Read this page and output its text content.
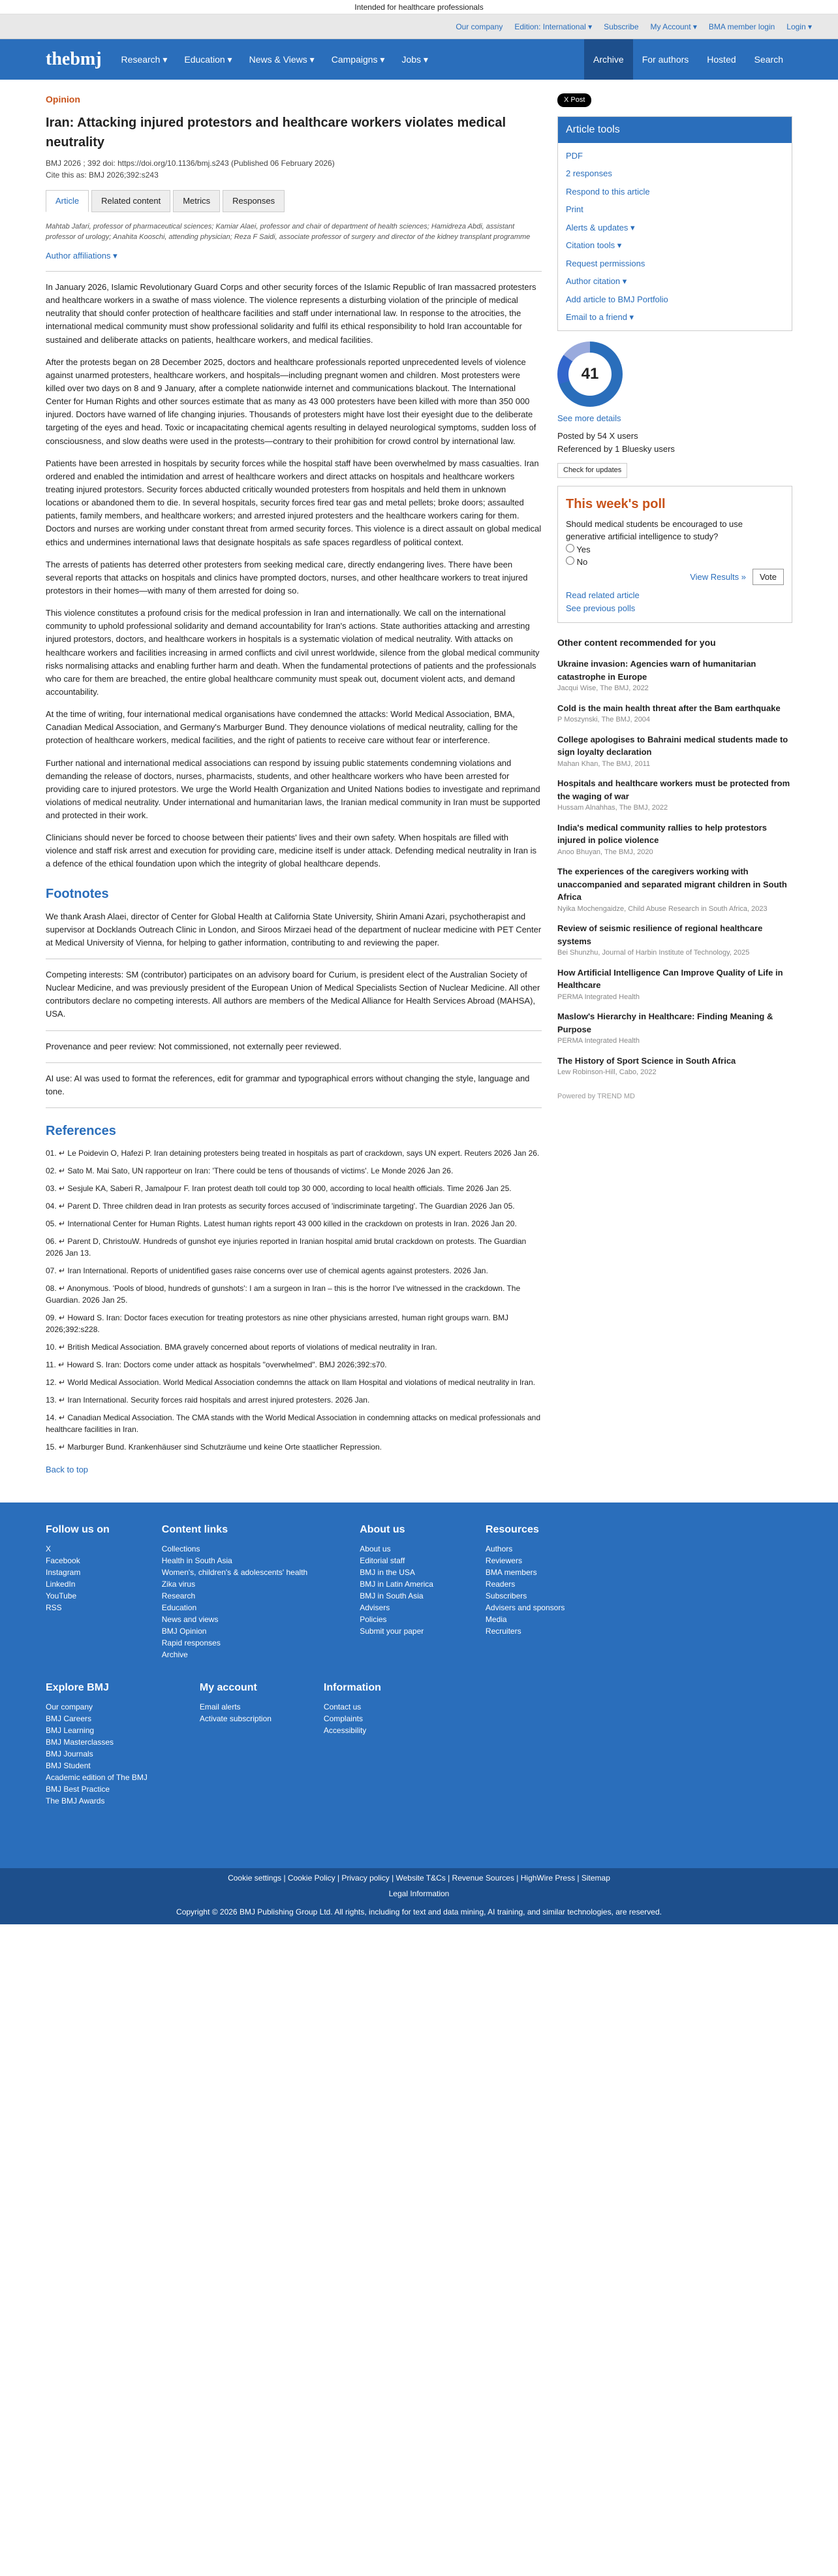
Intended for healthcare professionals
Our company Edition: International ▾ Subscribe My Account ▾ BMA member login Login ▾
thebmj Research ▾ Education ▾ News & Views ▾ Campaigns ▾ Jobs ▾	Archive	For authors	Hosted	Search
Opinion
Iran: Attacking injured protestors and healthcare workers violates medical neutrality
BMJ 2026 ; 392 doi: https://doi.org/10.1136/bmj.s243 (Published 06 February 2026)
Cite this as: BMJ 2026;392:s243
Article	Related content	Metrics	Responses
Mahtab Jafari, professor of pharmaceutical sciences; Kamiar Alaei, professor and chair of department of health sciences; Hamidreza Abdi, assistant professor of urology; Anahita Kooschi, attending physician; Reza F Saidi, associate professor of surgery and director of the kidney transplant programme
Author affiliations ▾

In January 2026, Islamic Revolutionary Guard Corps and other security forces of the Islamic Republic of Iran massacred protesters and healthcare workers in a swathe of mass violence. The violence represents a disturbing violation of the principle of medical neutrality that should confer protection of healthcare facilities and staff under international law. In response to the atrocities, the international medical community must show professional solidarity and fulfil its ethical responsibility to hold Iran accountable for sustained and deliberate attacks on patients, healthcare workers, and medical facilities.

After the protests began on 28 December 2025, doctors and healthcare professionals reported unprecedented levels of violence against unarmed protesters, healthcare workers, and hospitals—including pregnant women and children. Most protesters were killed over two days on 8 and 9 January, after a complete nationwide internet and communications blackout. The International Center for Human Rights and other sources estimate that as many as 43 000 protesters have been killed with more than 350 000 injured. Doctors have warned of life changing injuries. Thousands of protesters might have lost their eyesight due to the deliberate targeting of the eyes and head. Toxic or incapacitating chemical agents resulting in delayed neurological symptoms, sudden loss of consciousness, and slow deaths were used in the protests—contrary to their prohibition for crowd control by international law.

Patients have been arrested in hospitals by security forces while the hospital staff have been overwhelmed by mass casualties. Iran ordered and enabled the intimidation and arrest of healthcare workers and direct attacks on hospitals and healthcare workers treating injured protestors. Security forces abducted critically wounded protesters from hospitals and held them in unknown locations or abandoned them to die. In several hospitals, security forces fired tear gas and metal pellets; broke doors; assaulted patients, family members, and healthcare workers; and arrested injured protesters and the healthcare workers caring for them. Doctors and nurses are working under constant threat from armed security forces. This violence is a direct assault on global medical ethics and undermines international laws that designate hospitals as safe spaces regardless of political context.

The arrests of patients has deterred other protesters from seeking medical care, directly endangering lives. There have been several reports that attacks on hospitals and clinics have prompted doctors, nurses, and other healthcare workers to treat injured protestors in their homes—with many of them arrested for doing so.

This violence constitutes a profound crisis for the medical profession in Iran and internationally. We call on the international community to uphold professional solidarity and demand accountability for Iran's actions. State authorities attacking and arresting injured protestors, doctors, and healthcare workers in hospitals is a systematic violation of medical neutrality. With attacks on healthcare workers and facilities increasing in armed conflicts and civil unrest worldwide, silence from the global medical community risks normalising attacks and enabling further harm and death. When the fundamental protections of patients and the professionals who care for them are breached, the entire global healthcare community must speak out, document violent acts, and demand accountability.

At the time of writing, four international medical organisations have condemned the attacks: World Medical Association, BMA, Canadian Medical Association, and Germany's Marburger Bund. They denounce violations of medical neutrality, calling for the protection of healthcare workers, medical facilities, and the right of patients to receive care without fear or interference.

Further national and international medical associations can respond by issuing public statements condemning violations and demanding the release of doctors, nurses, pharmacists, students, and other healthcare workers who have been arrested for providing care to injured protestors. We urge the World Health Organization and United Nations bodies to investigate and reprimand violations of medical neutrality. Under international and humanitarian laws, the Iranian medical community in Iran must be supported and protected in their work.

Clinicians should never be forced to choose between their patients' lives and their own safety. When hospitals are filled with violence and staff risk arrest and execution for providing care, medicine itself is under attack. Defending medical neutrality in Iran is a defence of the ethical foundation upon which the integrity of global healthcare depends.

Footnotes

We thank Arash Alaei, director of Center for Global Health at California State University, Shirin Amani Azari, psychotherapist and supervisor at Docklands Outreach Clinic in London, and Siroos Mirzaei head of the department of nuclear medicine with PET Center at Medical University of Vienna, for helping to gather information, contributing to and reviewing the paper.

Competing interests: SM (contributor) participates on an advisory board for Curium, is president elect of the Australian Society of Nuclear Medicine, and was previously president of the European Union of Medical Specialists Section of Nuclear Medicine. All other contributors declare no competing interests. All authors are members of the Medical Alliance for Health Services Abroad (MAHSA), USA.

Provenance and peer review: Not commissioned, not externally peer reviewed.

AI use: AI was used to format the references, edit for grammar and typographical errors without changing the style, language and tone.

References
01. ↵ Le Poidevin O, Hafezi P. Iran detaining protesters being treated in hospitals as part of crackdown, says UN expert. Reuters 2026 Jan 26.
02. ↵ Sato M. Mai Sato, UN rapporteur on Iran: 'There could be tens of thousands of victims'. Le Monde 2026 Jan 26.
03. ↵ Sesjule KA, Saberi R, Jamalpour F. Iran protest death toll could top 30 000, according to local health officials. Time 2026 Jan 25.
04. ↵ Parent D. Three children dead in Iran protests as security forces accused of 'indiscriminate targeting'. The Guardian 2026 Jan 05.
05. ↵ International Center for Human Rights. Latest human rights report 43 000 killed in the crackdown on protests in Iran. 2026 Jan 20.
06. ↵ Parent D, ChristouW. Hundreds of gunshot eye injuries reported in Iranian hospital amid brutal crackdown on protests. The Guardian 2026 Jan 13.
07. ↵ Iran International. Reports of unidentified gases raise concerns over use of chemical agents against protesters. 2026 Jan.
08. ↵ Anonymous. 'Pools of blood, hundreds of gunshots': I am a surgeon in Iran – this is the horror I've witnessed in the crackdown. The Guardian. 2026 Jan 25.
09. ↵ Howard S. Iran: Doctor faces execution for treating protestors as nine other physicians arrested, human right groups warn. BMJ 2026;392:s228.
10. ↵ British Medical Association. BMA gravely concerned about reports of violations of medical neutrality in Iran.
11. ↵ Howard S. Iran: Doctors come under attack as hospitals "overwhelmed". BMJ 2026;392:s70.
12. ↵ World Medical Association. World Medical Association condemns the attack on Ilam Hospital and violations of medical neutrality in Iran.
13. ↵ Iran International. Security forces raid hospitals and arrest injured protesters. 2026 Jan.
14. ↵ Canadian Medical Association. The CMA stands with the World Medical Association in condemning attacks on medical professionals and healthcare facilities in Iran.
15. ↵ Marburger Bund. Krankenhäuser sind Schutzräume und keine Orte staatlicher Repression.
Back to top
X Post
Article tools
PDF
2 responses
Respond to this article
Print
Alerts & updates ▾
Citation tools ▾
Request permissions
Author citation ▾
Add article to BMJ Portfolio
Email to a friend ▾
41
See more details
Posted by 54 X users
Referenced by 1 Bluesky users
Check for updates
This week's poll
Should medical students be encouraged to use generative artificial intelligence to study?
Yes
No
View Results »	Vote
Read related article
See previous polls
Other content recommended for you
Ukraine invasion: Agencies warn of humanitarian catastrophe in Europe
Jacqui Wise, The BMJ, 2022
Cold is the main health threat after the Bam earthquake
P Moszynski, The BMJ, 2004
College apologises to Bahraini medical students made to sign loyalty declaration
Mahan Khan, The BMJ, 2011
Hospitals and healthcare workers must be protected from the waging of war
Hussam Alnahhas, The BMJ, 2022
India's medical community rallies to help protestors injured in police violence
Anoo Bhuyan, The BMJ, 2020
The experiences of the caregivers working with unaccompanied and separated migrant children in South Africa
Nyika Mochengaidze, Child Abuse Research in South Africa, 2023
Review of seismic resilience of regional healthcare systems
Bei Shunzhu, Journal of Harbin Institute of Technology, 2025
How Artificial Intelligence Can Improve Quality of Life in Healthcare
PERMA Integrated Health
Maslow's Hierarchy in Healthcare: Finding Meaning & Purpose
PERMA Integrated Health
The History of Sport Science in South Africa
Lew Robinson-Hill, Cabo, 2022
Powered by TREND MD
Follow us on
X
Facebook
Instagram
LinkedIn
YouTube
RSS
Content links
Collections
Health in South Asia
Women's, children's & adolescents' health
Zika virus
Research
Education
News and views
BMJ Opinion
Rapid responses
Archive
About us
About us
Editorial staff
BMJ in the USA
BMJ in Latin America
BMJ in South Asia
Advisers
Policies
Submit your paper
Resources
Authors
Reviewers
BMA members
Readers
Subscribers
Advisers and sponsors
Media
Recruiters
Explore BMJ
Our company
BMJ Careers
BMJ Learning
BMJ Masterclasses
BMJ Journals
BMJ Student
Academic edition of The BMJ
BMJ Best Practice
The BMJ Awards
My account
Email alerts
Activate subscription
Information
Contact us
Complaints
Accessibility
Cookie settings | Cookie Policy | Privacy policy | Website T&Cs | Revenue Sources | HighWire Press | Sitemap
Legal Information
Copyright © 2026 BMJ Publishing Group Ltd. All rights, including for text and data mining, AI training, and similar technologies, are reserved.
